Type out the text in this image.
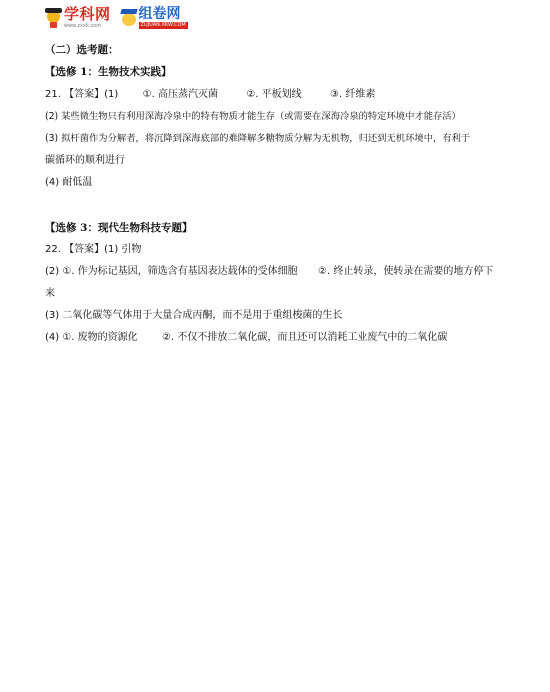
学科网
www.zxxk.com
组卷网
ZUJUAN.XKW.COM
（二）选考题：
【选修 1：生物技术实践】
21. 【答案】(1) ①. 高压蒸汽灭菌	②. 平板划线	③. 纤维素
(2) 某些微生物只有利用深海冷泉中的特有物质才能生存（或需要在深海冷泉的特定环境中才能存活）
(3) 拟杆菌作为分解者，将沉降到深海底部的难降解多糖物质分解为无机物，归还到无机环境中，有利于
碳循环的顺利进行
(4) 耐低温
【选修 3：现代生物科技专题】
22. 【答案】(1) 引物
(2) ①. 作为标记基因，筛选含有基因表达载体的受体细胞 ②. 终止转录，使转录在需要的地方停下
来
(3) 二氧化碳等气体用于大量合成丙酮，而不是用于重组梭菌的生长
(4) ①. 废物的资源化 ②. 不仅不排放二氧化碳，而且还可以消耗工业废气中的二氧化碳
